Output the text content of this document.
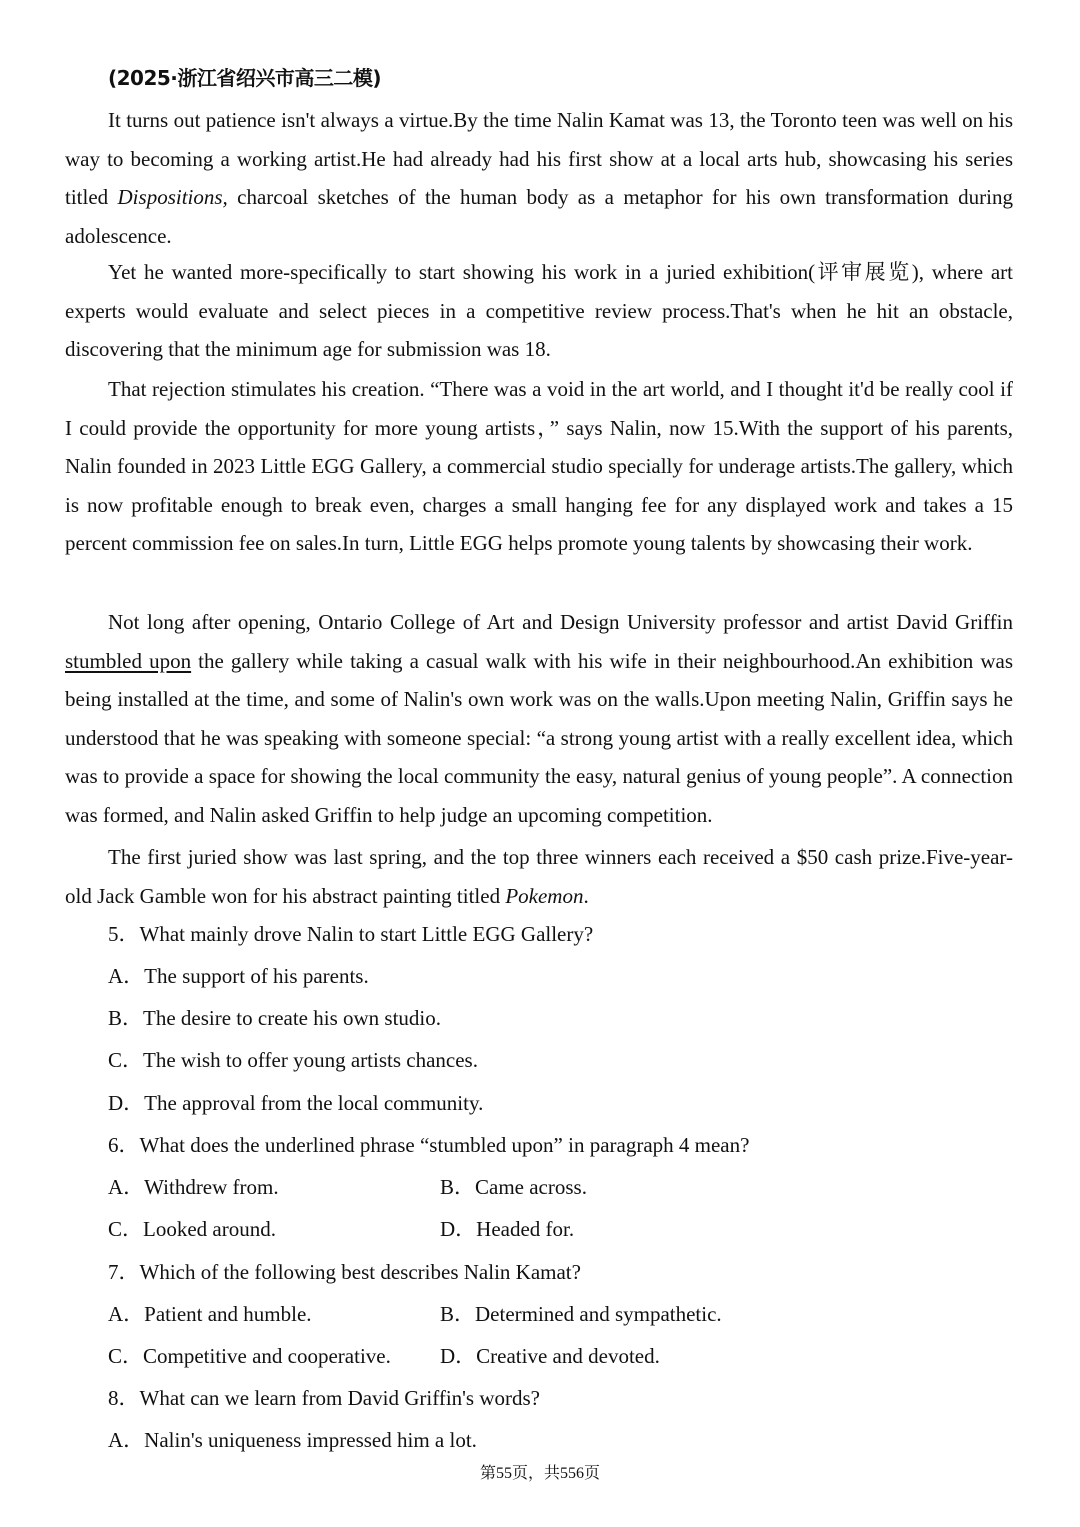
(2025·浙江省绍兴市高三二模)

It turns out patience isn't always a virtue.By the time Nalin Kamat was 13, the Toronto teen was well on his way to becoming a working artist.He had already had his first show at a local arts hub, showcasing his series titled Dispositions, charcoal sketches of the human body as a metaphor for his own transformation during adolescence.

Yet he wanted more-specifically to start showing his work in a juried exhibition(评审展览), where art experts would evaluate and select pieces in a competitive review process.That's when he hit an obstacle, discovering that the minimum age for submission was 18.

That rejection stimulates his creation. “There was a void in the art world, and I thought it'd be really cool if I could provide the opportunity for more young artists，” says Nalin, now 15.With the support of his parents, Nalin founded in 2023 Little EGG Gallery, a commercial studio specially for underage artists.The gallery, which is now profitable enough to break even, charges a small hanging fee for any displayed work and takes a 15 percent commission fee on sales.In turn, Little EGG helps promote young talents by showcasing their work.

Not long after opening, Ontario College of Art and Design University professor and artist David Griffin stumbled upon the gallery while taking a casual walk with his wife in their neighbourhood.An exhibition was being installed at the time, and some of Nalin's own work was on the walls.Upon meeting Nalin, Griffin says he understood that he was speaking with someone special: “a strong young artist with a really excellent idea, which was to provide a space for showing the local community the easy, natural genius of young people”. A connection was formed, and Nalin asked Griffin to help judge an upcoming competition.

The first juried show was last spring, and the top three winners each received a $50 cash prize.Five-year-old Jack Gamble won for his abstract painting titled Pokemon.

5．What mainly drove Nalin to start Little EGG Gallery?
A．The support of his parents.
B．The desire to create his own studio.
C．The wish to offer young artists chances.
D．The approval from the local community.
6．What does the underlined phrase “stumbled upon” in paragraph 4 mean?
A．Withdrew from.	B．Came across.
C．Looked around.	D．Headed for.
7．Which of the following best describes Nalin Kamat?
A．Patient and humble.	B．Determined and sympathetic.
C．Competitive and cooperative. D．Creative and devoted.
8．What can we learn from David Griffin's words?
A．Nalin's uniqueness impressed him a lot.
第55页，共556页
